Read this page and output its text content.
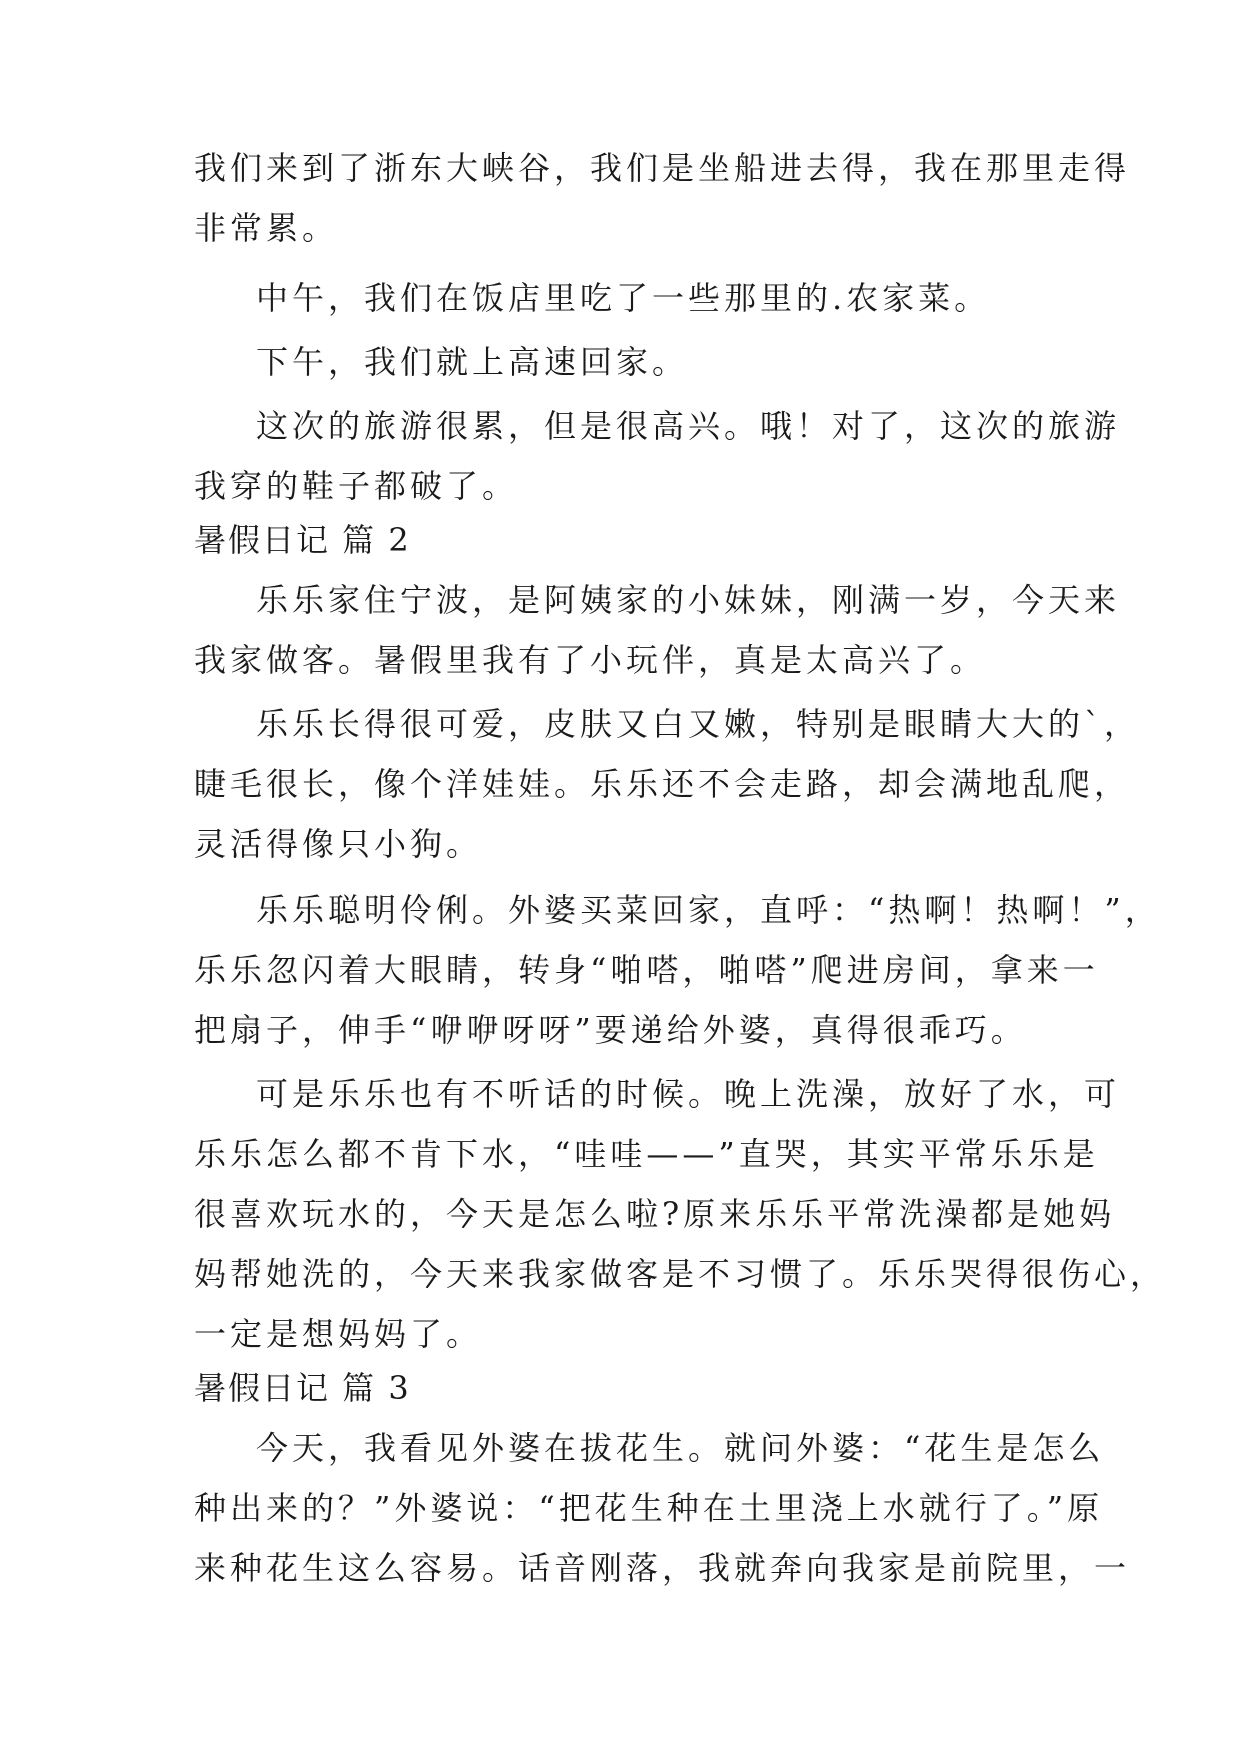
我们来到了浙东大峡谷，我们是坐船进去得，我在那里走得
非常累。
中午，我们在饭店里吃了一些那里的.农家菜。
下午，我们就上高速回家。
这次的旅游很累，但是很高兴。哦！对了，这次的旅游
我穿的鞋子都破了。
暑假日记 篇 2
乐乐家住宁波，是阿姨家的小妹妹，刚满一岁，今天来
我家做客。暑假里我有了小玩伴，真是太高兴了。
乐乐长得很可爱，皮肤又白又嫩，特别是眼睛大大的`，
睫毛很长，像个洋娃娃。乐乐还不会走路，却会满地乱爬，
灵活得像只小狗。
乐乐聪明伶俐。外婆买菜回家，直呼：“热啊！热啊！”，
乐乐忽闪着大眼睛，转身“啪嗒，啪嗒”爬进房间，拿来一
把扇子，伸手“咿咿呀呀”要递给外婆，真得很乖巧。
可是乐乐也有不听话的时候。晚上洗澡，放好了水，可
乐乐怎么都不肯下水，“哇哇——”直哭，其实平常乐乐是
很喜欢玩水的，今天是怎么啦?原来乐乐平常洗澡都是她妈
妈帮她洗的，今天来我家做客是不习惯了。乐乐哭得很伤心，
一定是想妈妈了。
暑假日记 篇 3
今天，我看见外婆在拔花生。就问外婆：“花生是怎么
种出来的？”外婆说：“把花生种在土里浇上水就行了。”原
来种花生这么容易。话音刚落，我就奔向我家是前院里，一
